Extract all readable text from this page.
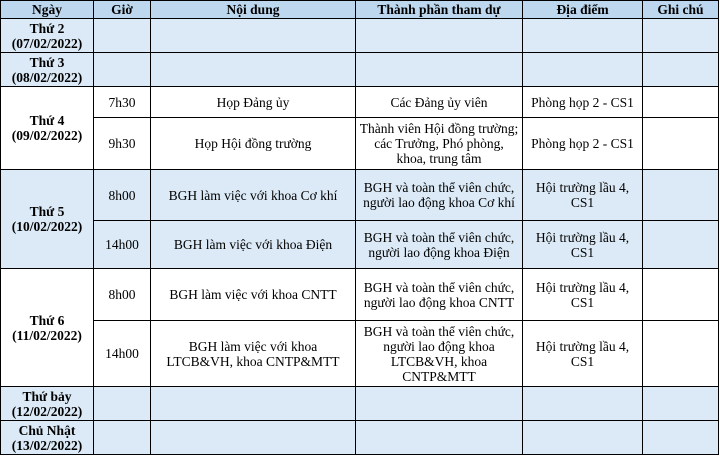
Ngày	Giờ	Nội dung	Thành phần tham dự	Địa điểm	Ghi chú
Thứ 2
(07/02/2022)					
Thứ 3
(08/02/2022)					
Thứ 4
(09/02/2022)	7h30	Họp Đảng ủy	Các Đảng ủy viên	Phòng họp 2 - CS1	
	9h30	Họp Hội đồng trường	Thành viên Hội đồng trường; các Trưởng, Phó phòng, khoa, trung tâm	Phòng họp 2 - CS1	
Thứ 5
(10/02/2022)	8h00	BGH làm việc với khoa Cơ khí	BGH và toàn thể viên chức, người lao động khoa Cơ khí	Hội trường lầu 4, CS1	
	14h00	BGH làm việc với khoa Điện	BGH và toàn thể viên chức, người lao động khoa Điện	Hội trường lầu 4, CS1	
Thứ 6
(11/02/2022)	8h00	BGH làm việc với khoa CNTT	BGH và toàn thể viên chức, người lao động khoa CNTT	Hội trường lầu 4, CS1	
	14h00	BGH làm việc với khoa LTCB&VH, khoa CNTP&MTT	BGH và toàn thể viên chức, người lao động khoa LTCB&VH, khoa CNTP&MTT	Hội trường lầu 4, CS1	
Thứ bảy
(12/02/2022)					
Chủ Nhật
(13/02/2022)					
